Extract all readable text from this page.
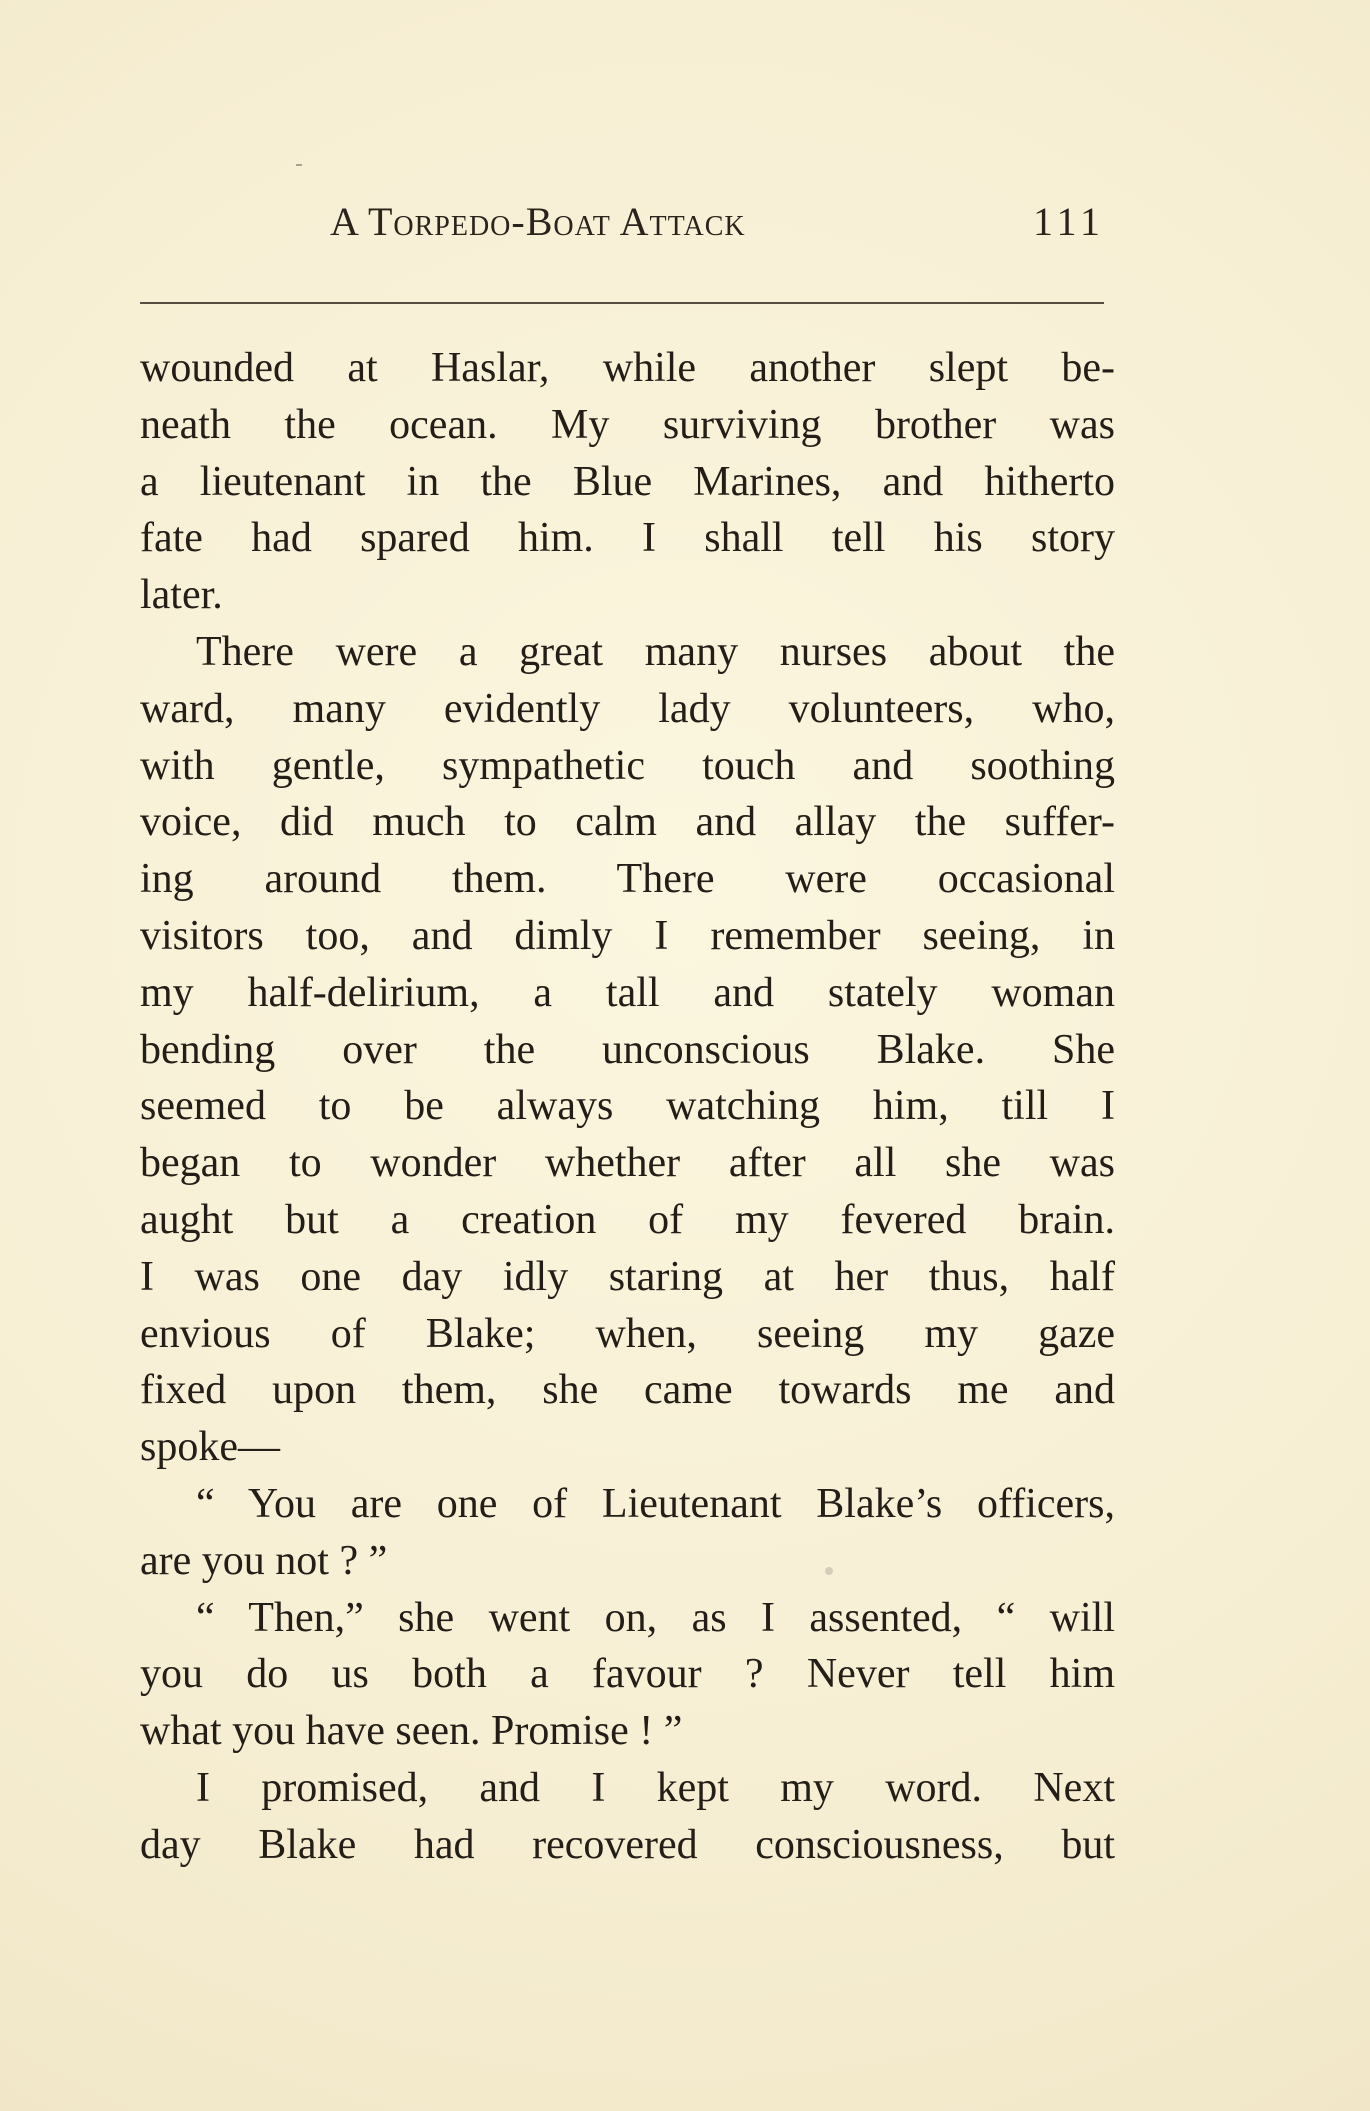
A Torpedo-Boat Attack	111
wounded at Haslar, while another slept be-
neath the ocean. My surviving brother was
a lieutenant in the Blue Marines, and hitherto
fate had spared him. I shall tell his story
later.
There were a great many nurses about the
ward, many evidently lady volunteers, who,
with gentle, sympathetic touch and soothing
voice, did much to calm and allay the suffer-
ing around them. There were occasional
visitors too, and dimly I remember seeing, in
my half-delirium, a tall and stately woman
bending over the unconscious Blake. She
seemed to be always watching him, till I
began to wonder whether after all she was
aught but a creation of my fevered brain.
I was one day idly staring at her thus, half
envious of Blake; when, seeing my gaze
fixed upon them, she came towards me and
spoke—
“ You are one of Lieutenant Blake’s officers,
are you not ? ”
“ Then,” she went on, as I assented, “ will
you do us both a favour ? Never tell him
what you have seen. Promise ! ”
I promised, and I kept my word. Next
day Blake had recovered consciousness, but
